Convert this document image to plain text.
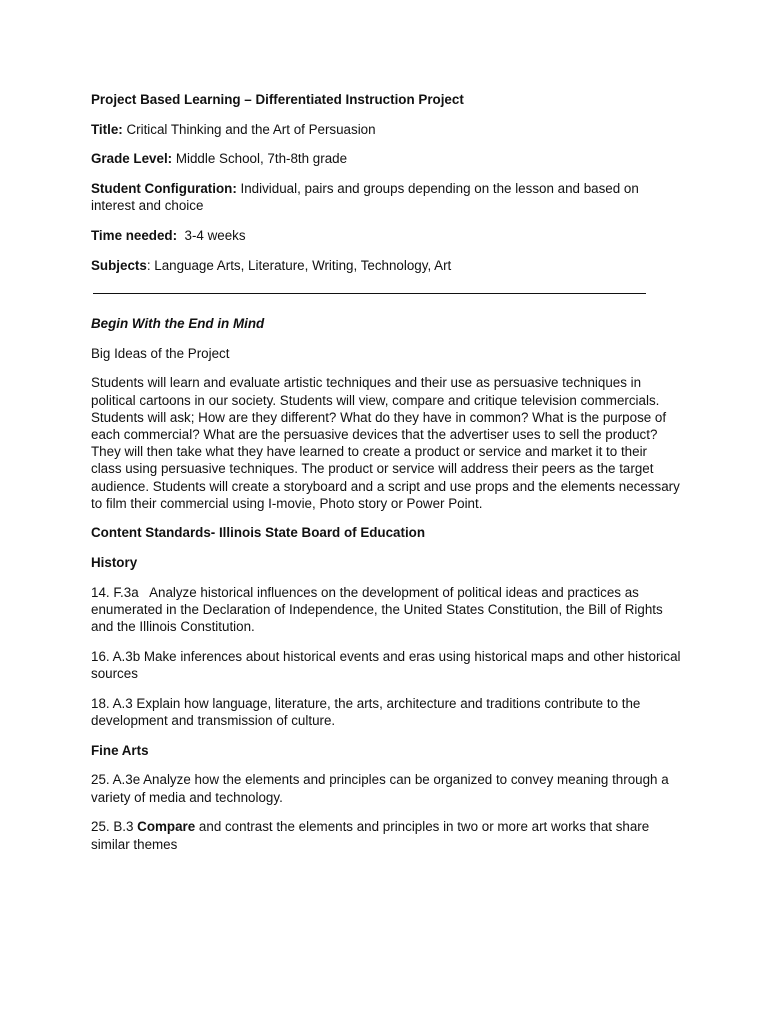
Project Based Learning – Differentiated Instruction Project

Title: Critical Thinking and the Art of Persuasion

Grade Level: Middle School, 7th-8th grade

Student Configuration: Individual, pairs and groups depending on the lesson and based on interest and choice

Time needed:  3-4 weeks

Subjects: Language Arts, Literature, Writing, Technology, Art

Begin With the End in Mind

Big Ideas of the Project

Students will learn and evaluate artistic techniques and their use as persuasive techniques in political cartoons in our society. Students will view, compare and critique television commercials. Students will ask; How are they different? What do they have in common? What is the purpose of each commercial? What are the persuasive devices that the advertiser uses to sell the product? They will then take what they have learned to create a product or service and market it to their class using persuasive techniques. The product or service will address their peers as the target audience. Students will create a storyboard and a script and use props and the elements necessary to film their commercial using I-movie, Photo story or Power Point.

Content Standards- Illinois State Board of Education

History

14. F.3a   Analyze historical influences on the development of political ideas and practices as enumerated in the Declaration of Independence, the United States Constitution, the Bill of Rights and the Illinois Constitution.

16. A.3b Make inferences about historical events and eras using historical maps and other historical sources

18. A.3 Explain how language, literature, the arts, architecture and traditions contribute to the development and transmission of culture.

Fine Arts

25. A.3e Analyze how the elements and principles can be organized to convey meaning through a variety of media and technology.

25. B.3 Compare and contrast the elements and principles in two or more art works that share similar themes
